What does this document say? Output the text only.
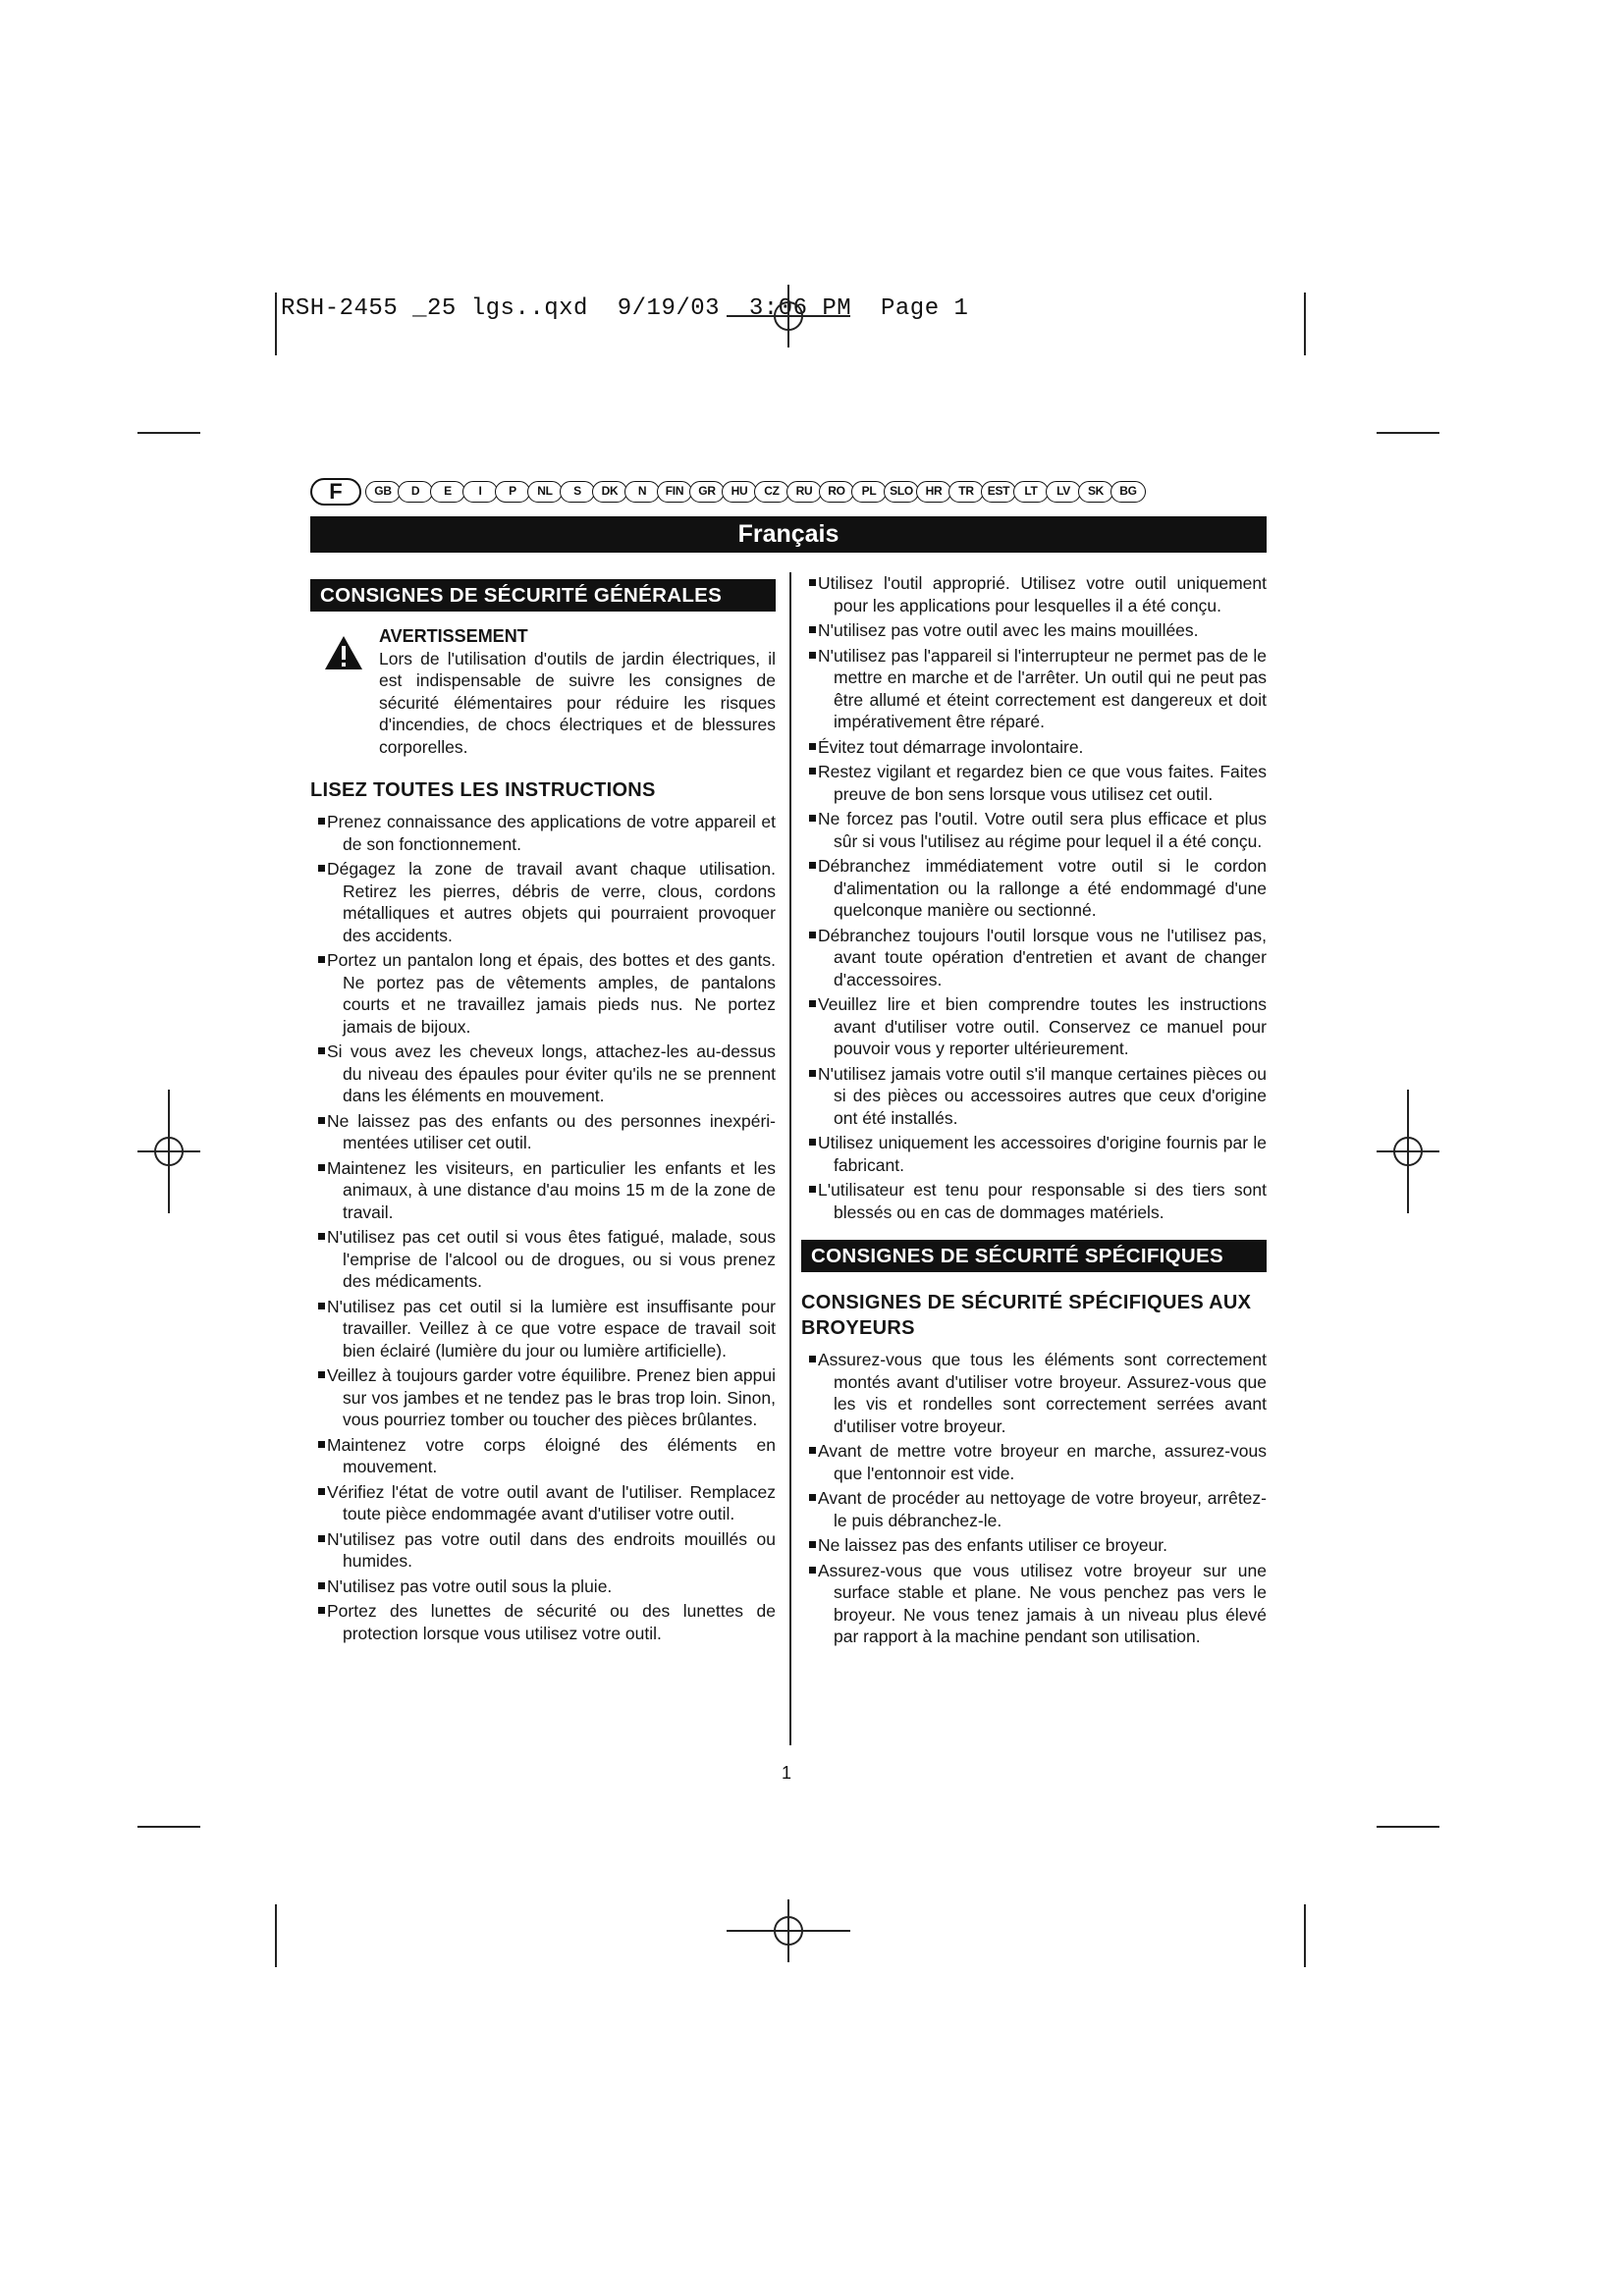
RSH-2455 _25 lgs..qxd  9/19/03  3:06 PM  Page 1
F	GB	D	E	I	P	NL	S	DK	N	FIN	GR	HU	CZ	RU	RO	PL	SLO	HR	TR	EST	LT	LV	SK	BG
Français
CONSIGNES DE SÉCURITÉ GÉNÉRALES
AVERTISSEMENT
Lors de l'utilisation d'outils de jardin électriques, il est indispensable de suivre les consignes de sécurité élémentaires pour réduire les risques d'incendies, de chocs électriques et de blessures corporelles.
LISEZ TOUTES LES INSTRUCTIONS
Prenez connaissance des applications de votre appareil et de son fonctionnement.
Dégagez la zone de travail avant chaque utilisation. Retirez les pierres, débris de verre, clous, cordons métalliques et autres objets qui pourraient provoquer des accidents.
Portez un pantalon long et épais, des bottes et des gants. Ne portez pas de vêtements amples, de pantalons courts et ne travaillez jamais pieds nus. Ne portez jamais de bijoux.
Si vous avez les cheveux longs, attachez-les au-dessus du niveau des épaules pour éviter qu'ils ne se prennent dans les éléments en mouvement.
Ne laissez pas des enfants ou des personnes inexpéri- mentées utiliser cet outil.
Maintenez les visiteurs, en particulier les enfants et les animaux, à une distance d'au moins 15 m de la zone de travail.
N'utilisez pas cet outil si vous êtes fatigué, malade, sous l'emprise de l'alcool ou de drogues, ou si vous prenez des médicaments.
N'utilisez pas cet outil si la lumière est insuffisante pour travailler. Veillez à ce que votre espace de travail soit bien éclairé (lumière du jour ou lumière artificielle).
Veillez à toujours garder votre équilibre. Prenez bien appui sur vos jambes et ne tendez pas le bras trop loin. Sinon, vous pourriez tomber ou toucher des pièces brûlantes.
Maintenez votre corps éloigné des éléments en mouvement.
Vérifiez l'état de votre outil avant de l'utiliser. Remplacez toute pièce endommagée avant d'utiliser votre outil.
N'utilisez pas votre outil dans des endroits mouillés ou humides.
N'utilisez pas votre outil sous la pluie.
Portez des lunettes de sécurité ou des lunettes de protection lorsque vous utilisez votre outil.
Utilisez l'outil approprié. Utilisez votre outil uniquement pour les applications pour lesquelles il a été conçu.
N'utilisez pas votre outil avec les mains mouillées.
N'utilisez pas l'appareil si l'interrupteur ne permet pas de le mettre en marche et de l'arrêter. Un outil qui ne peut pas être allumé et éteint correctement est dangereux et doit impérativement être réparé.
Évitez tout démarrage involontaire.
Restez vigilant et regardez bien ce que vous faites. Faites preuve de bon sens lorsque vous utilisez cet outil.
Ne forcez pas l'outil. Votre outil sera plus efficace et plus sûr si vous l'utilisez au régime pour lequel il a été conçu.
Débranchez immédiatement votre outil si le cordon d'alimentation ou la rallonge a été endommagé d'une quelconque manière ou sectionné.
Débranchez toujours l'outil lorsque vous ne l'utilisez pas, avant toute opération d'entretien et avant de changer d'accessoires.
Veuillez lire et bien comprendre toutes les instructions avant d'utiliser votre outil. Conservez ce manuel pour pouvoir vous y reporter ultérieurement.
N'utilisez jamais votre outil s'il manque certaines pièces ou si des pièces ou accessoires autres que ceux d'origine ont été installés.
Utilisez uniquement les accessoires d'origine fournis par le fabricant.
L'utilisateur est tenu pour responsable si des tiers sont blessés ou en cas de dommages matériels.
CONSIGNES DE SÉCURITÉ SPÉCIFIQUES
CONSIGNES DE SÉCURITÉ SPÉCIFIQUES AUX BROYEURS
Assurez-vous que tous les éléments sont correctement montés avant d'utiliser votre broyeur. Assurez-vous que les vis et rondelles sont correctement serrées avant d'utiliser votre broyeur.
Avant de mettre votre broyeur en marche, assurez-vous que l'entonnoir est vide.
Avant de procéder au nettoyage de votre broyeur, arrêtez-le puis débranchez-le.
Ne laissez pas des enfants utiliser ce broyeur.
Assurez-vous que vous utilisez votre broyeur sur une surface stable et plane. Ne vous penchez pas vers le broyeur. Ne vous tenez jamais à un niveau plus élevé par rapport à la machine pendant son utilisation.
1
